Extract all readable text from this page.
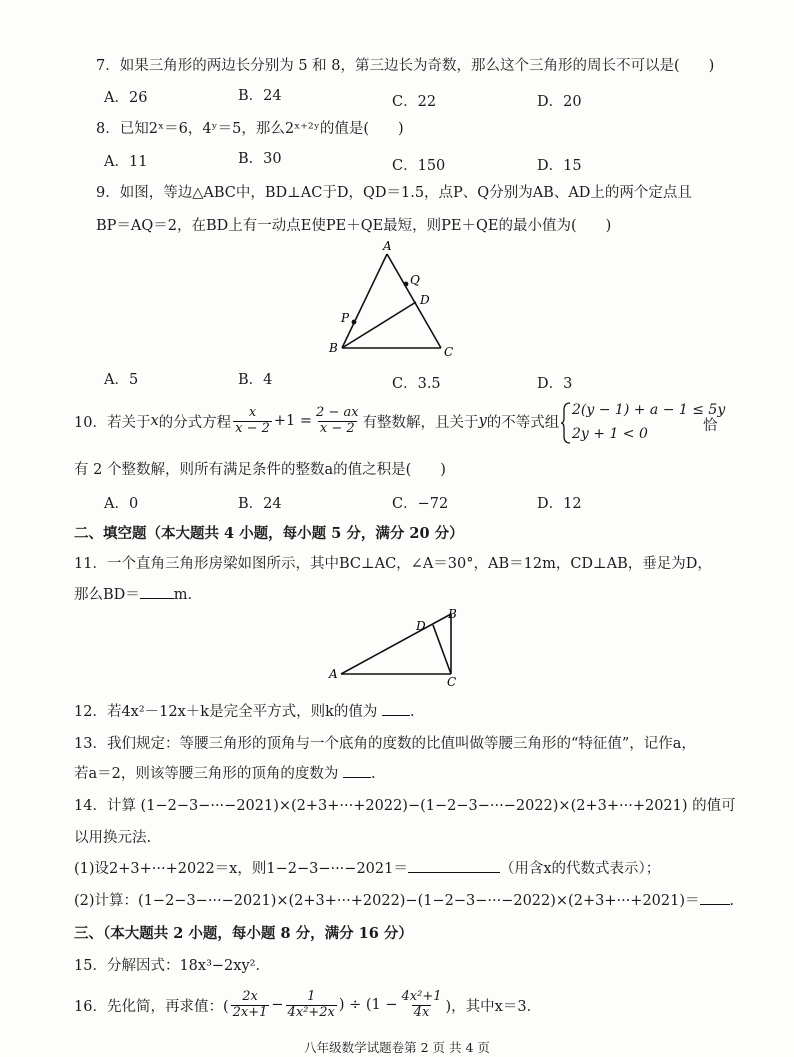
7．如果三角形的两边长分别为 5 和 8，第三边长为奇数，那么这个三角形的周长不可以是(　　)
A．26	B．24	C．22	D．20
8．已知2ˣ＝6，4ʸ＝5，那么2ˣ⁺²ʸ的值是(　　)
A．11	B．30	C．150	D．15
9．如图，等边△ABC中，BD⊥AC于D，QD＝1.5，点P、Q分别为AB、AD上的两个定点且
BP＝AQ＝2，在BD上有一动点E使PE＋QE最短，则PE＋QE的最小值为(　　)
A
Q
D
P
B	C
A．5	B．4	C．3.5	D．3
10．若关于 x 的分式方程 $\frac{x}{x - 2} +1 = \frac{2 - ax}{x - 2}$ 有整数解，且关于 y 的不等式组
2(y − 1) + a − 1 ≤ 5y
2y + 1 < 0	恰
有 2 个整数解，则所有满足条件的整数a的值之积是(　　)
A．0	B．24	C．−72	D．12
二、填空题（本大题共 4 小题，每小题 5 分，满分 20 分）
11．一个直角三角形房梁如图所示，其中BC⊥AC，∠A＝30°，AB＝12m，CD⊥AB，垂足为D，
那么BD＝ m．
D
B
A
C
12．若4x²－12x＋k是完全平方式，则k的值为 .
13．我们规定：等腰三角形的顶角与一个底角的度数的比值叫做等腰三角形的“特征值”，记作a，
若a＝2，则该等腰三角形的顶角的度数为 .
14．计算 (1−2−3−···−2021)×(2+3+···+2022)−(1−2−3−···−2022)×(2+3+···+2021) 的值可
以用换元法.
(1)设2+3+···+2022＝x，则1−2−3−···−2021＝	（用含x的代数式表示）；
(2)计算：(1−2−3−···−2021)×(2+3+···+2022)−(1−2−3−···−2022)×(2+3+···+2021)＝ .
三、（本大题共 2 小题，每小题 8 分，满分 16 分）
15．分解因式：18x³−2xy²．
16．先化简，再求值：( $\frac{2x}{2x+1} - \frac{1}{\text{4x²+2x}}$ ) ÷ ($1 - \frac{\text{4x²+1}}{4x}$ )，其中x＝3．
八年级数学试题卷第 2 页 共 4 页
